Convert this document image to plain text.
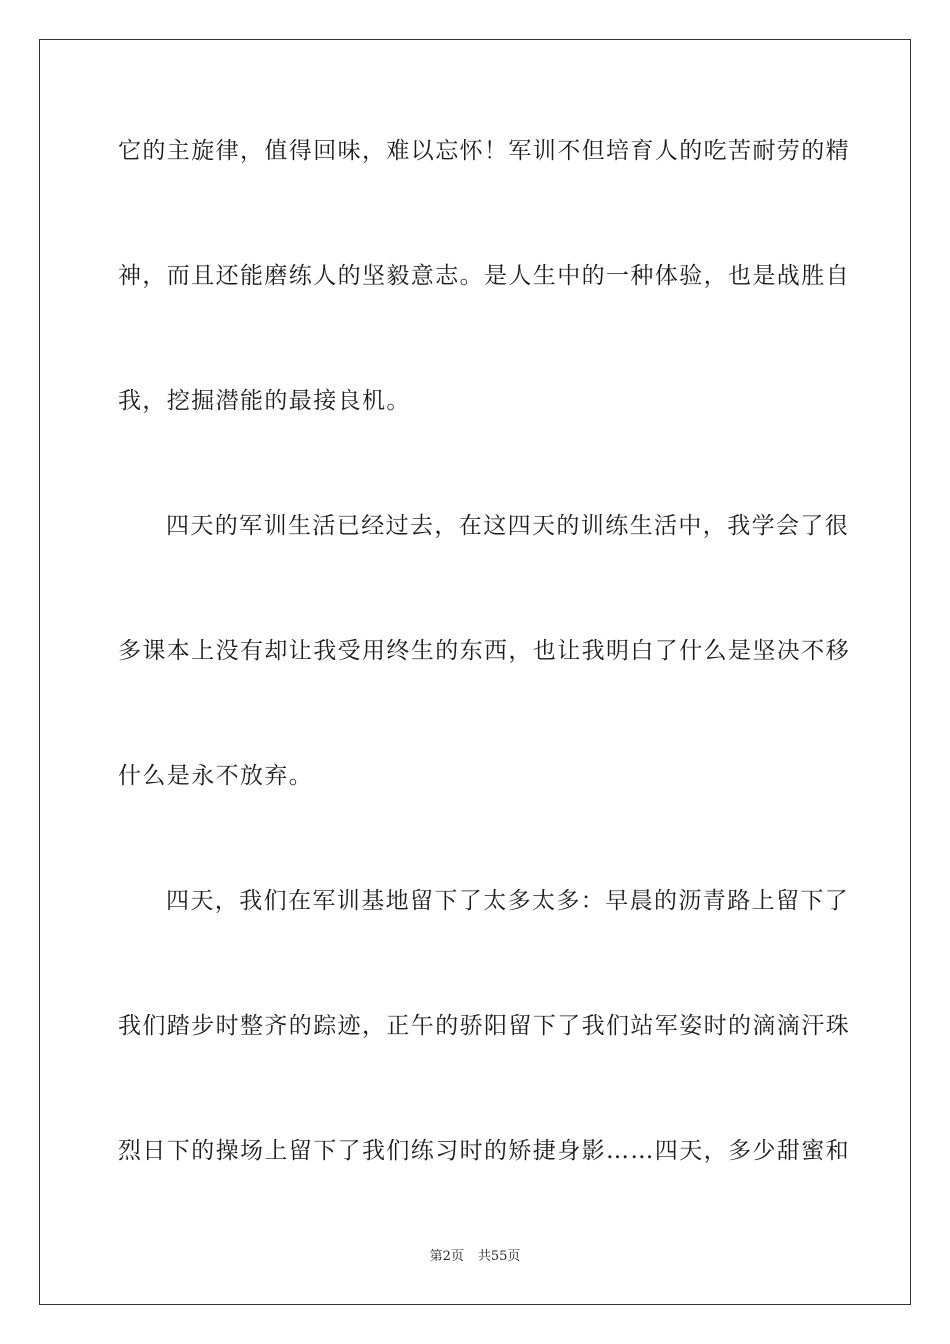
它的主旋律，值得回味，难以忘怀！军训不但培育人的吃苦耐劳的精
神，而且还能磨练人的坚毅意志。是人生中的一种体验，也是战胜自
我，挖掘潜能的最接良机。
四天的军训生活已经过去，在这四天的训练生活中，我学会了很
多课本上没有却让我受用终生的东西，也让我明白了什么是坚决不移
什么是永不放弃。
四天，我们在军训基地留下了太多太多：早晨的沥青路上留下了
我们踏步时整齐的踪迹，正午的骄阳留下了我们站军姿时的滴滴汗珠
烈日下的操场上留下了我们练习时的矫捷身影……四天，多少甜蜜和
第2页 共55页
